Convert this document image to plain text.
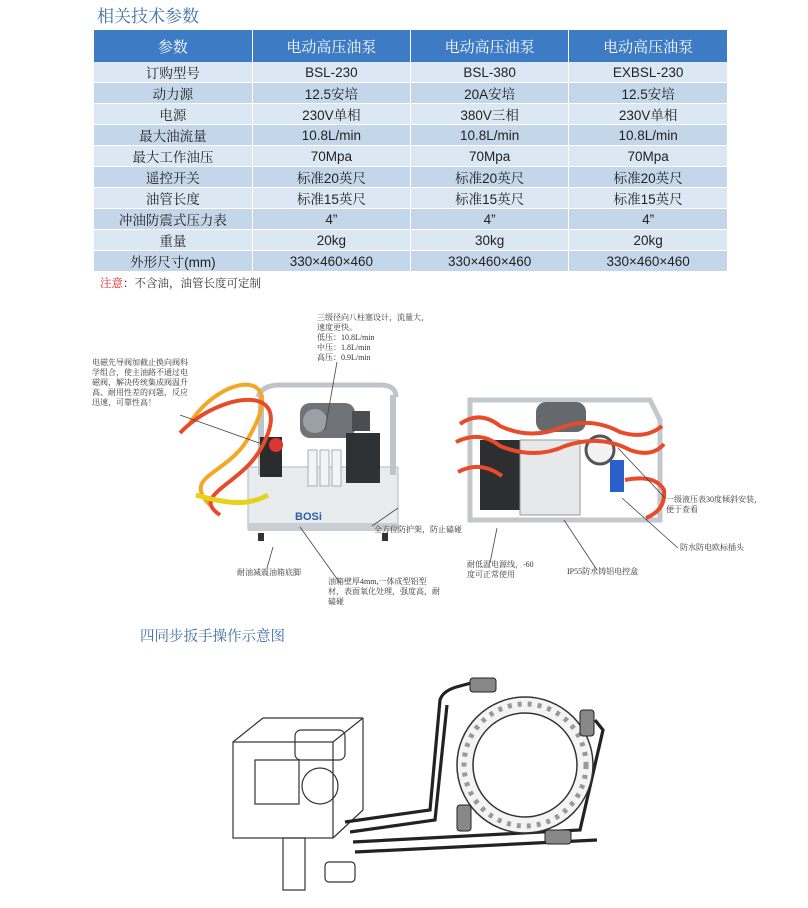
相关技术参数
参数	电动高压油泵	电动高压油泵	电动高压油泵
订购型号	BSL-230	BSL-380	EXBSL-230
动力源	12.5安培	20A安培	12.5安培
电源	230V单相	380V三相	230V单相
最大油流量	10.8L/min	10.8L/min	10.8L/min
最大工作油压	70Mpa	70Mpa	70Mpa
遥控开关	标准20英尺	标准20英尺	标准20英尺
油管长度	标准15英尺	标准15英尺	标准15英尺
冲油防震式压力表	4”	4”	4”
重量	20kg	30kg	20kg
外形尺寸(mm)	330×460×460	330×460×460	330×460×460
注意：不含油，油管长度可定制
BOSi
三级径向八柱塞设计，流量大，
速度更快。
低压：10.8L/min
中压：1.8L/min
高压：0.9L/min
电磁先导阀加截止换向阀科
学组合，使主油路不通过电
磁阀，解决传统集成阀温升
高、耐用性差的问题，反应
迅速，可靠性高！
全方位防护架，防止磕碰
耐油减震油箱底脚
油箱壁厚4mm,一体成型铝型
材，表面氧化处理，强度高，耐
磕碰
耐低温电源线，-60
度可正常使用	IP55防水铸铝电控盒
一级液压表30度倾斜安装，
便于查看
防水防电欧标插头
四同步扳手操作示意图
